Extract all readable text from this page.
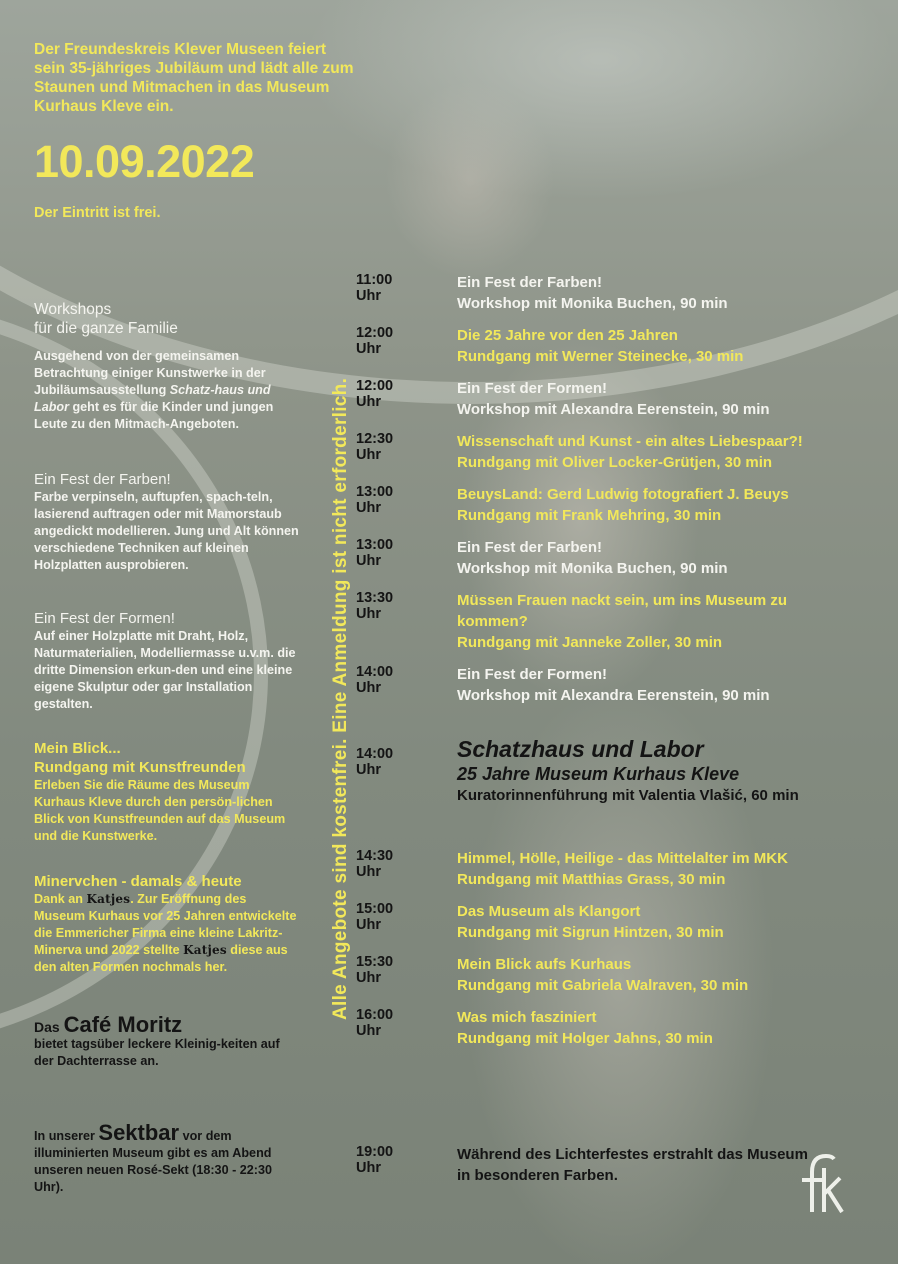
Der Freundeskreis Klever Museen feiert sein 35-jähriges Jubiläum und lädt alle zum Staunen und Mitmachen in das Museum Kurhaus Kleve ein.
10.09.2022
Der Eintritt ist frei.

Workshops

für die ganze Familie

Ausgehend von der gemeinsamen Betrachtung einiger Kunstwerke in der Jubiläumsausstellung Schatz-haus und Labor geht es für die Kinder und jungen Leute zu den Mitmach-Angeboten.

Ein Fest der Farben!

Farbe verpinseln, auftupfen, spach-teln, lasierend auftragen oder mit Mamorstaub angedickt modellieren. Jung und Alt können verschiedene Techniken auf kleinen Holzplatten ausprobieren.

Ein Fest der Formen!

Auf einer Holzplatte mit Draht, Holz, Naturmaterialien, Modelliermasse u.v.m. die dritte Dimension erkun-den und eine kleine eigene Skulptur oder gar Installation gestalten.

Mein Blick...

Rundgang mit Kunstfreunden

Erleben Sie die Räume des Museum Kurhaus Kleve durch den persön-lichen Blick von Kunstfreunden auf das Museum und die Kunstwerke.

Minervchen - damals & heute

Dank an Katjes. Zur Eröffnung des Museum Kurhaus vor 25 Jahren entwickelte die Emmericher Firma eine kleine Lakritz-Minerva und 2022 stellte Katjes diese aus den alten Formen nochmals her.

Das Café Moritz

bietet tagsüber leckere Kleinig-keiten auf der Dachterrasse an.

In unserer Sektbar vor dem illuminierten Museum gibt es am Abend unseren neuen Rosé-Sekt (18:30 - 22:30 Uhr).

Alle Angebote sind kostenfrei. Eine Anmeldung ist nicht erforderlich.
11:00 Uhr
Ein Fest der Farben!
Workshop mit Monika Buchen, 90 min
12:00 Uhr
Die 25 Jahre vor den 25 Jahren
Rundgang mit Werner Steinecke, 30 min
12:00 Uhr
Ein Fest der Formen!
Workshop mit Alexandra Eerenstein, 90 min
12:30 Uhr
Wissenschaft und Kunst - ein altes Liebespaar?!
Rundgang mit Oliver Locker-Grütjen, 30 min
13:00 Uhr
BeuysLand: Gerd Ludwig fotografiert J. Beuys
Rundgang mit Frank Mehring, 30 min
13:00 Uhr
Ein Fest der Farben!
Workshop mit Monika Buchen, 90 min
13:30 Uhr
Müssen Frauen nackt sein, um ins Museum zu kommen?
Rundgang mit Janneke Zoller, 30 min
14:00 Uhr
Ein Fest der Formen!
Workshop mit Alexandra Eerenstein, 90 min
14:00 Uhr
Schatzhaus und Labor
25 Jahre Museum Kurhaus Kleve
Kuratorinnenführung mit Valentia Vlašić, 60 min
14:30 Uhr
Himmel, Hölle, Heilige - das Mittelalter im MKK
Rundgang mit Matthias Grass, 30 min
15:00 Uhr
Das Museum als Klangort
Rundgang mit Sigrun Hintzen, 30 min
15:30 Uhr
Mein Blick aufs Kurhaus
Rundgang mit Gabriela Walraven, 30 min
16:00 Uhr
Was mich fasziniert
Rundgang mit Holger Jahns, 30 min
19:00 Uhr
Während des Lichterfestes erstrahlt das Museum in besonderen Farben.
